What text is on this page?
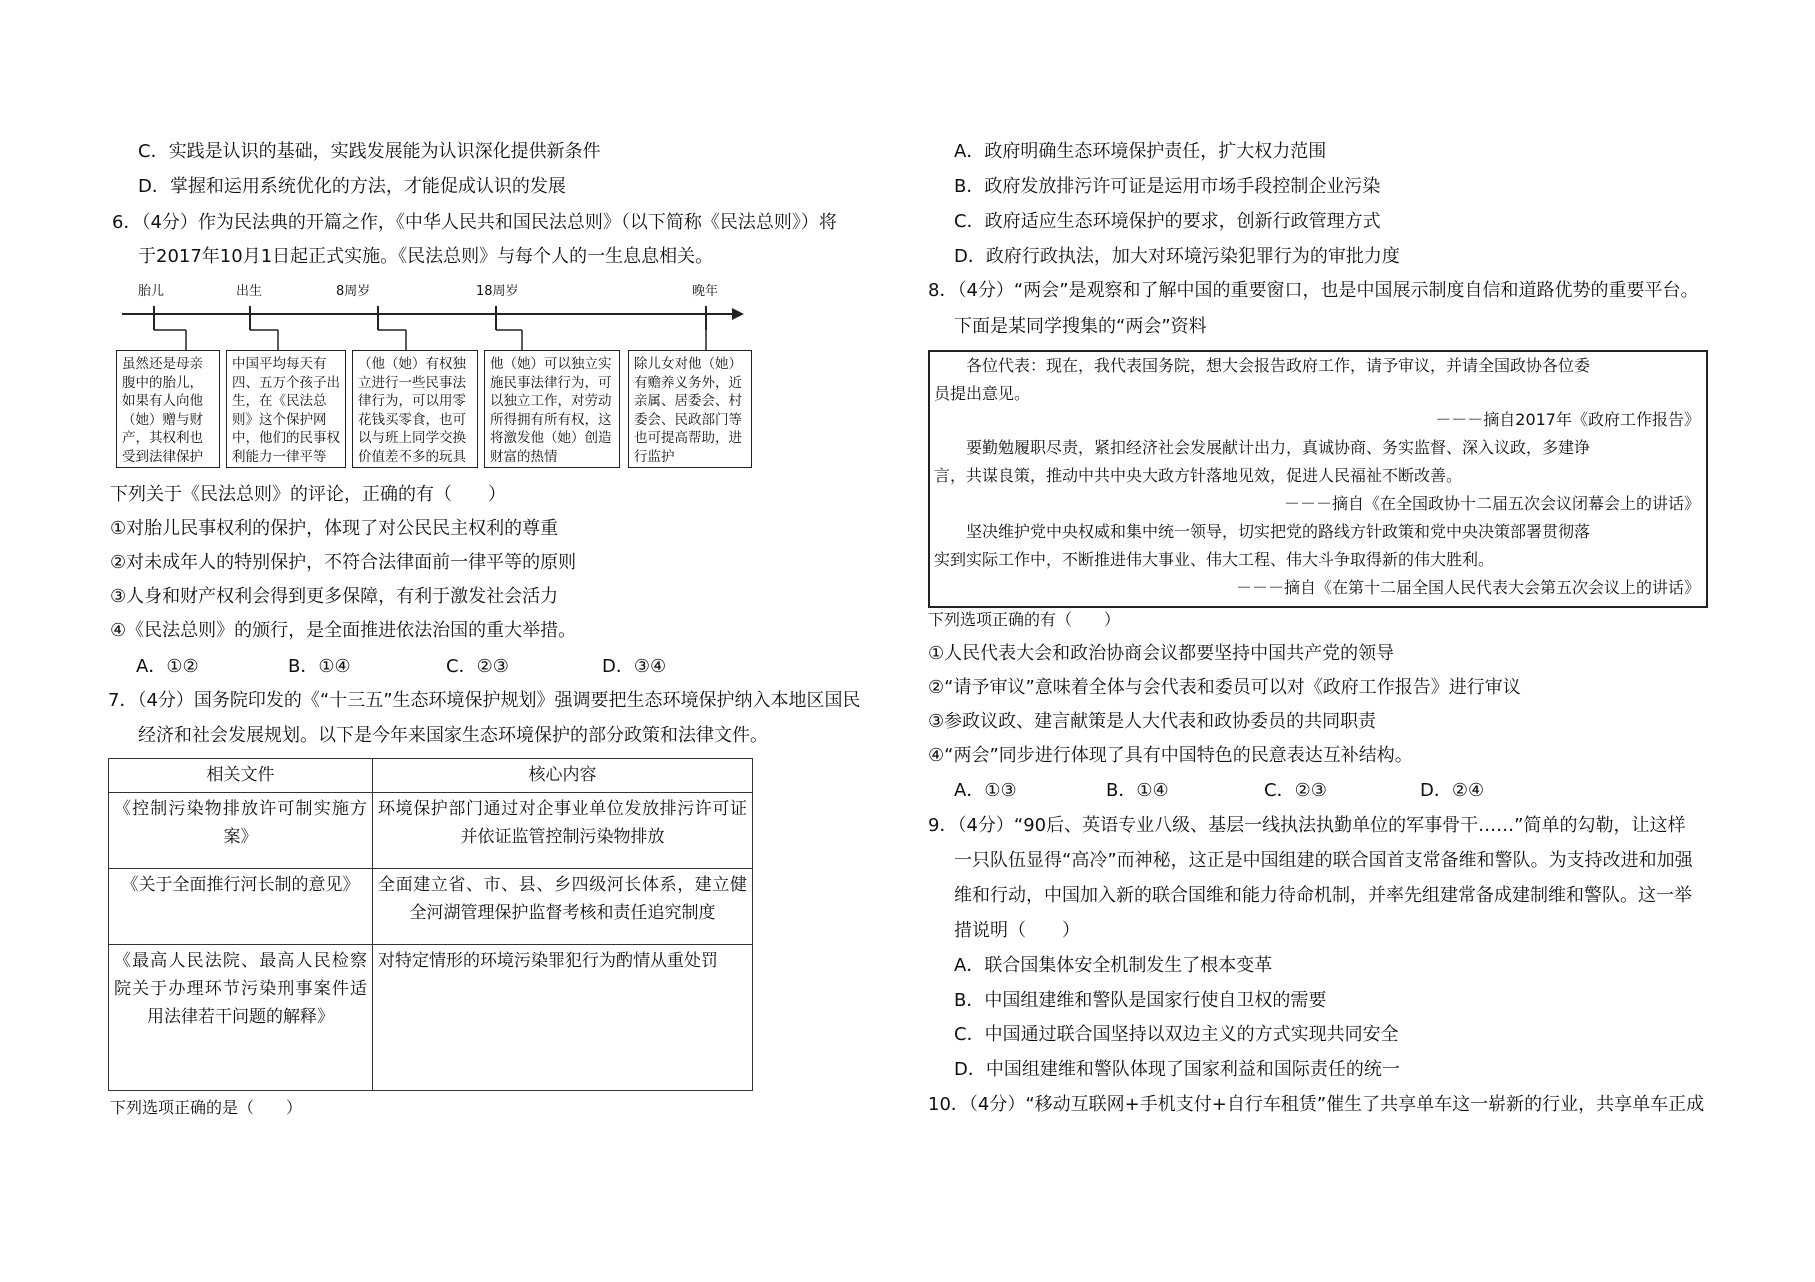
C．实践是认识的基础，实践发展能为认识深化提供新条件
D．掌握和运用系统优化的方法，才能促成认识的发展
6．（4分）作为民法典的开篇之作，《中华人民共和国民法总则》（以下简称《民法总则》）将
于2017年10月1日起正式实施。《民法总则》与每个人的一生息息相关。
胎儿	出生	8周岁	18周岁	晚年
虽然还是母亲腹中的胎儿，如果有人向他（她）赠与财产，其权利也受到法律保护
中国平均每天有四、五万个孩子出生，在《民法总则》这个保护网中，他们的民事权利能力一律平等
（他（她）有权独立进行一些民事法律行为，可以用零花钱买零食，也可以与班上同学交换价值差不多的玩具
他（她）可以独立实施民事法律行为，可以独立工作，对劳动所得拥有所有权，这将激发他（她）创造财富的热情
除儿女对他（她）有赡养义务外，近亲属、居委会、村委会、民政部门等也可提高帮助，进行监护
下列关于《民法总则》的评论，正确的有（　　）
①对胎儿民事权利的保护，体现了对公民民主权利的尊重
②对未成年人的特别保护，不符合法律面前一律平等的原则
③人身和财产权利会得到更多保障，有利于激发社会活力
④《民法总则》的颁行，是全面推进依法治国的重大举措。
A．①②	B．①④	C．②③	D．③④
7．（4分）国务院印发的《“十三五”生态环境保护规划》强调要把生态环境保护纳入本地区国民
经济和社会发展规划。以下是今年来国家生态环境保护的部分政策和法律文件。
相关文件	核心内容
《控制污染物排放许可制实施方案》	环境保护部门通过对企事业单位发放排污许可证并依证监管控制污染物排放
《关于全面推行河长制的意见》	全面建立省、市、县、乡四级河长体系，建立健全河湖管理保护监督考核和责任追究制度
《最高人民法院、最高人民检察院关于办理环节污染刑事案件适用法律若干问题的解释》	对特定情形的环境污染罪犯行为酌情从重处罚
下列选项正确的是（　　）
A．政府明确生态环境保护责任，扩大权力范围
B．政府发放排污许可证是运用市场手段控制企业污染
C．政府适应生态环境保护的要求，创新行政管理方式
D．政府行政执法，加大对环境污染犯罪行为的审批力度
8．（4分）“两会”是观察和了解中国的重要窗口，也是中国展示制度自信和道路优势的重要平台。
下面是某同学搜集的“两会”资料
各位代表：现在，我代表国务院，想大会报告政府工作，请予审议，并请全国政协各位委
员提出意见。
－－－摘自2017年《政府工作报告》
要勤勉履职尽责，紧扣经济社会发展献计出力，真诚协商、务实监督、深入议政，多建诤
言，共谋良策，推动中共中央大政方针落地见效，促进人民福祉不断改善。
－－－摘自《在全国政协十二届五次会议闭幕会上的讲话》
坚决维护党中央权威和集中统一领导，切实把党的路线方针政策和党中央决策部署贯彻落
实到实际工作中，不断推进伟大事业、伟大工程、伟大斗争取得新的伟大胜利。
－－－摘自《在第十二届全国人民代表大会第五次会议上的讲话》
下列选项正确的有（　　）
①人民代表大会和政治协商会议都要坚持中国共产党的领导
②“请予审议”意味着全体与会代表和委员可以对《政府工作报告》进行审议
③参政议政、建言献策是人大代表和政协委员的共同职责
④“两会”同步进行体现了具有中国特色的民意表达互补结构。
A．①③	B．①④	C．②③	D．②④
9．（4分）“90后、英语专业八级、基层一线执法执勤单位的军事骨干……”简单的勾勒，让这样
一只队伍显得“高冷”而神秘，这正是中国组建的联合国首支常备维和警队。为支持改进和加强
维和行动，中国加入新的联合国维和能力待命机制，并率先组建常备成建制维和警队。这一举
措说明（　　）
A．联合国集体安全机制发生了根本变革
B．中国组建维和警队是国家行使自卫权的需要
C．中国通过联合国坚持以双边主义的方式实现共同安全
D．中国组建维和警队体现了国家利益和国际责任的统一
10．（4分）“移动互联网+手机支付+自行车租赁”催生了共享单车这一崭新的行业，共享单车正成
